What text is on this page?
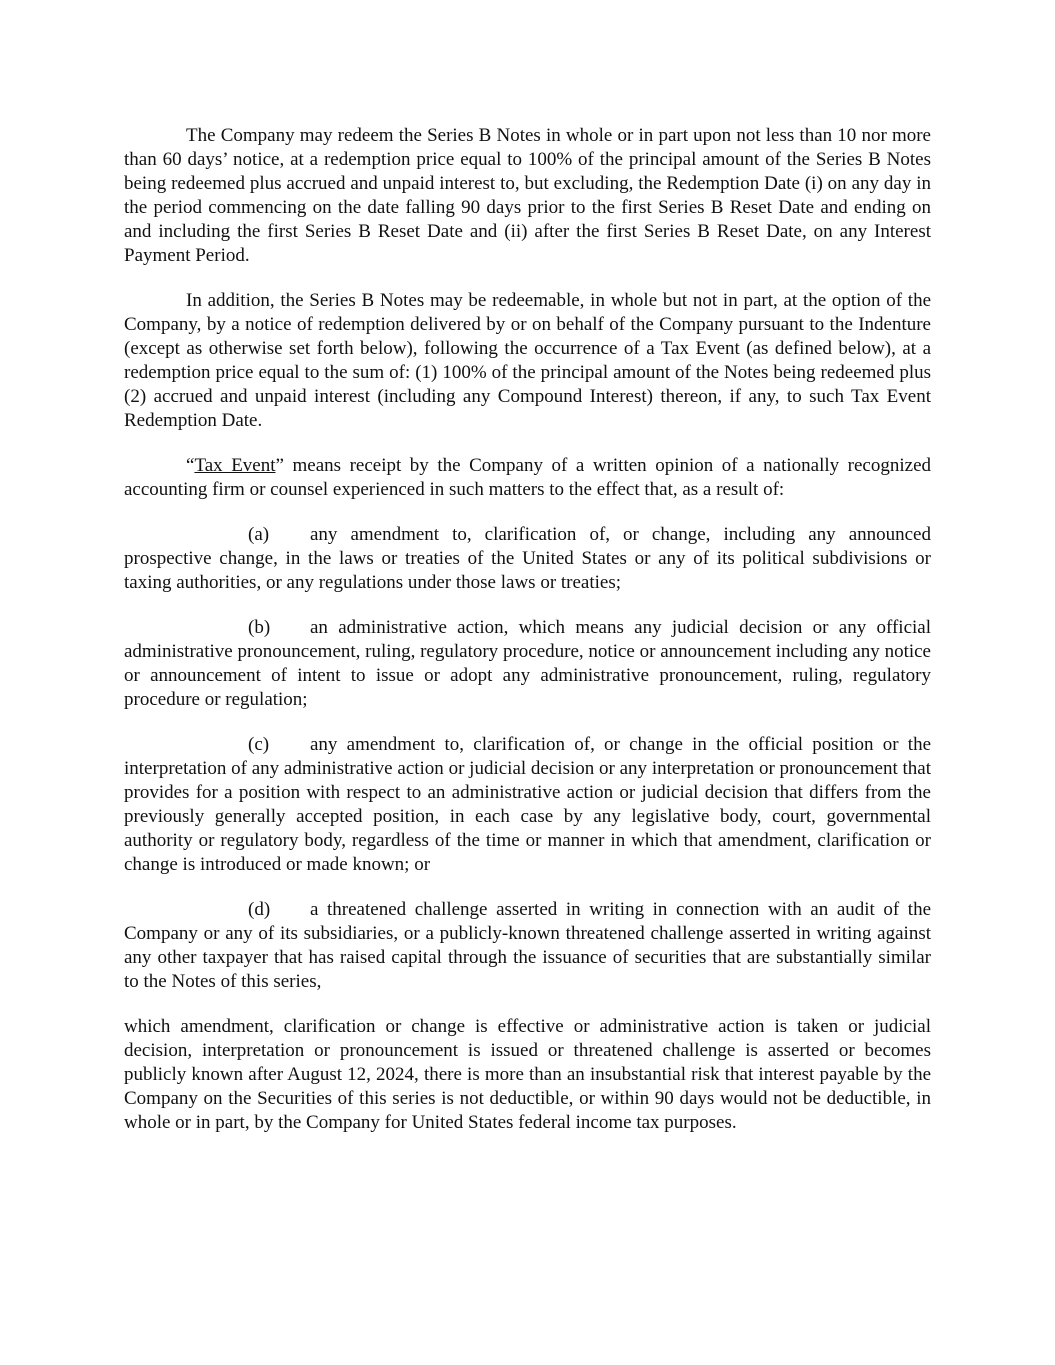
The Company may redeem the Series B Notes in whole or in part upon not less than 10 nor more than 60 days’ notice, at a redemption price equal to 100% of the principal amount of the Series B Notes being redeemed plus accrued and unpaid interest to, but excluding, the Redemption Date (i) on any day in the period commencing on the date falling 90 days prior to the first Series B Reset Date and ending on and including the first Series B Reset Date and (ii) after the first Series B Reset Date, on any Interest Payment Period.

In addition, the Series B Notes may be redeemable, in whole but not in part, at the option of the Company, by a notice of redemption delivered by or on behalf of the Company pursuant to the Indenture (except as otherwise set forth below), following the occurrence of a Tax Event (as defined below), at a redemption price equal to the sum of: (1) 100% of the principal amount of the Notes being redeemed plus (2) accrued and unpaid interest (including any Compound Interest) thereon, if any, to such Tax Event Redemption Date.

“Tax Event” means receipt by the Company of a written opinion of a nationally recognized accounting firm or counsel experienced in such matters to the effect that, as a result of:

(a) any amendment to, clarification of, or change, including any announced prospective change, in the laws or treaties of the United States or any of its political subdivisions or taxing authorities, or any regulations under those laws or treaties;

(b) an administrative action, which means any judicial decision or any official administrative pronouncement, ruling, regulatory procedure, notice or announcement including any notice or announcement of intent to issue or adopt any administrative pronouncement, ruling, regulatory procedure or regulation;

(c) any amendment to, clarification of, or change in the official position or the interpretation of any administrative action or judicial decision or any interpretation or pronouncement that provides for a position with respect to an administrative action or judicial decision that differs from the previously generally accepted position, in each case by any legislative body, court, governmental authority or regulatory body, regardless of the time or manner in which that amendment, clarification or change is introduced or made known; or

(d) a threatened challenge asserted in writing in connection with an audit of the Company or any of its subsidiaries, or a publicly-known threatened challenge asserted in writing against any other taxpayer that has raised capital through the issuance of securities that are substantially similar to the Notes of this series,

which amendment, clarification or change is effective or administrative action is taken or judicial decision, interpretation or pronouncement is issued or threatened challenge is asserted or becomes publicly known after August 12, 2024, there is more than an insubstantial risk that interest payable by the Company on the Securities of this series is not deductible, or within 90 days would not be deductible, in whole or in part, by the Company for United States federal income tax purposes.
